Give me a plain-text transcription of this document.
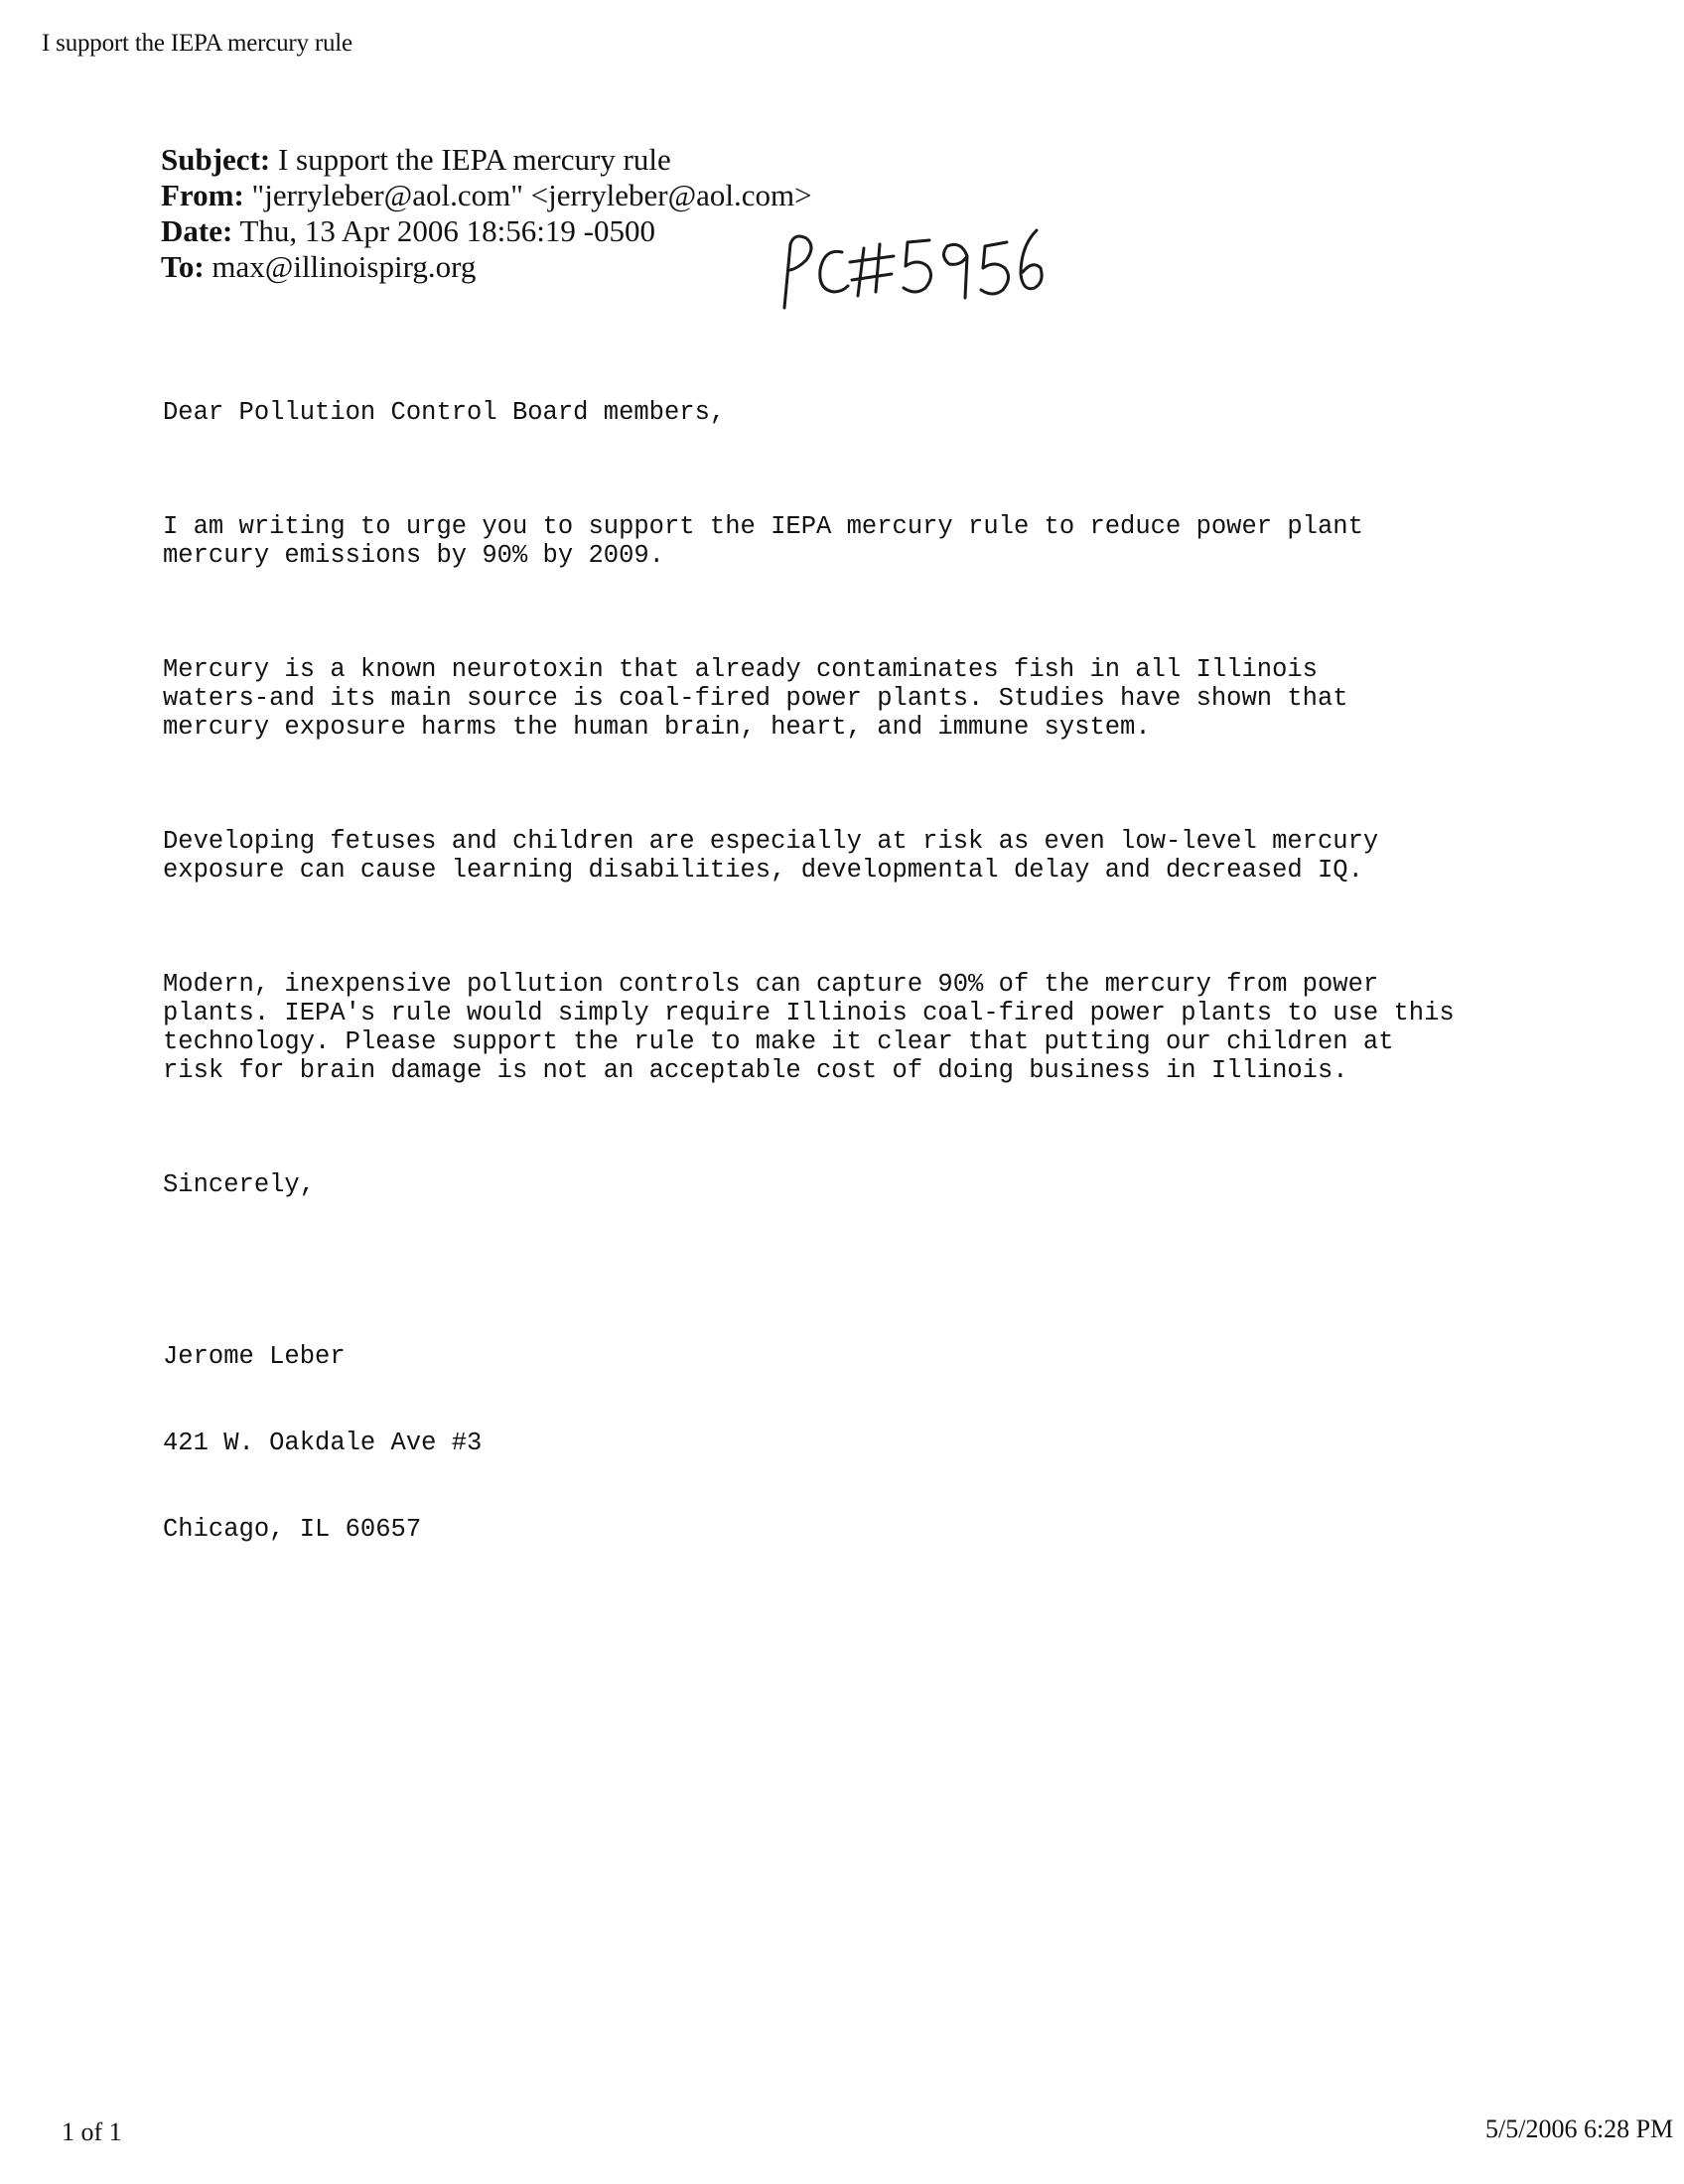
I support the IEPA mercury rule
Subject: I support the IEPA mercury rule
From: "jerryleber@aol.com" <jerryleber@aol.com>
Date: Thu, 13 Apr 2006 18:56:19 -0500
To: max@illinoispirg.org

Dear Pollution Control Board members,

I am writing to urge you to support the IEPA mercury rule to reduce power plant
mercury emissions by 90% by 2009.

Mercury is a known neurotoxin that already contaminates fish in all Illinois
waters-and its main source is coal-fired power plants. Studies have shown that
mercury exposure harms the human brain, heart, and immune system.

Developing fetuses and children are especially at risk as even low-level mercury
exposure can cause learning disabilities, developmental delay and decreased IQ.

Modern, inexpensive pollution controls can capture 90% of the mercury from power
plants. IEPA's rule would simply require Illinois coal-fired power plants to use this
technology. Please support the rule to make it clear that putting our children at
risk for brain damage is not an acceptable cost of doing business in Illinois.

Sincerely,

Jerome Leber

421 W. Oakdale Ave #3

Chicago, IL 60657

1 of 1	5/5/2006 6:28 PM
